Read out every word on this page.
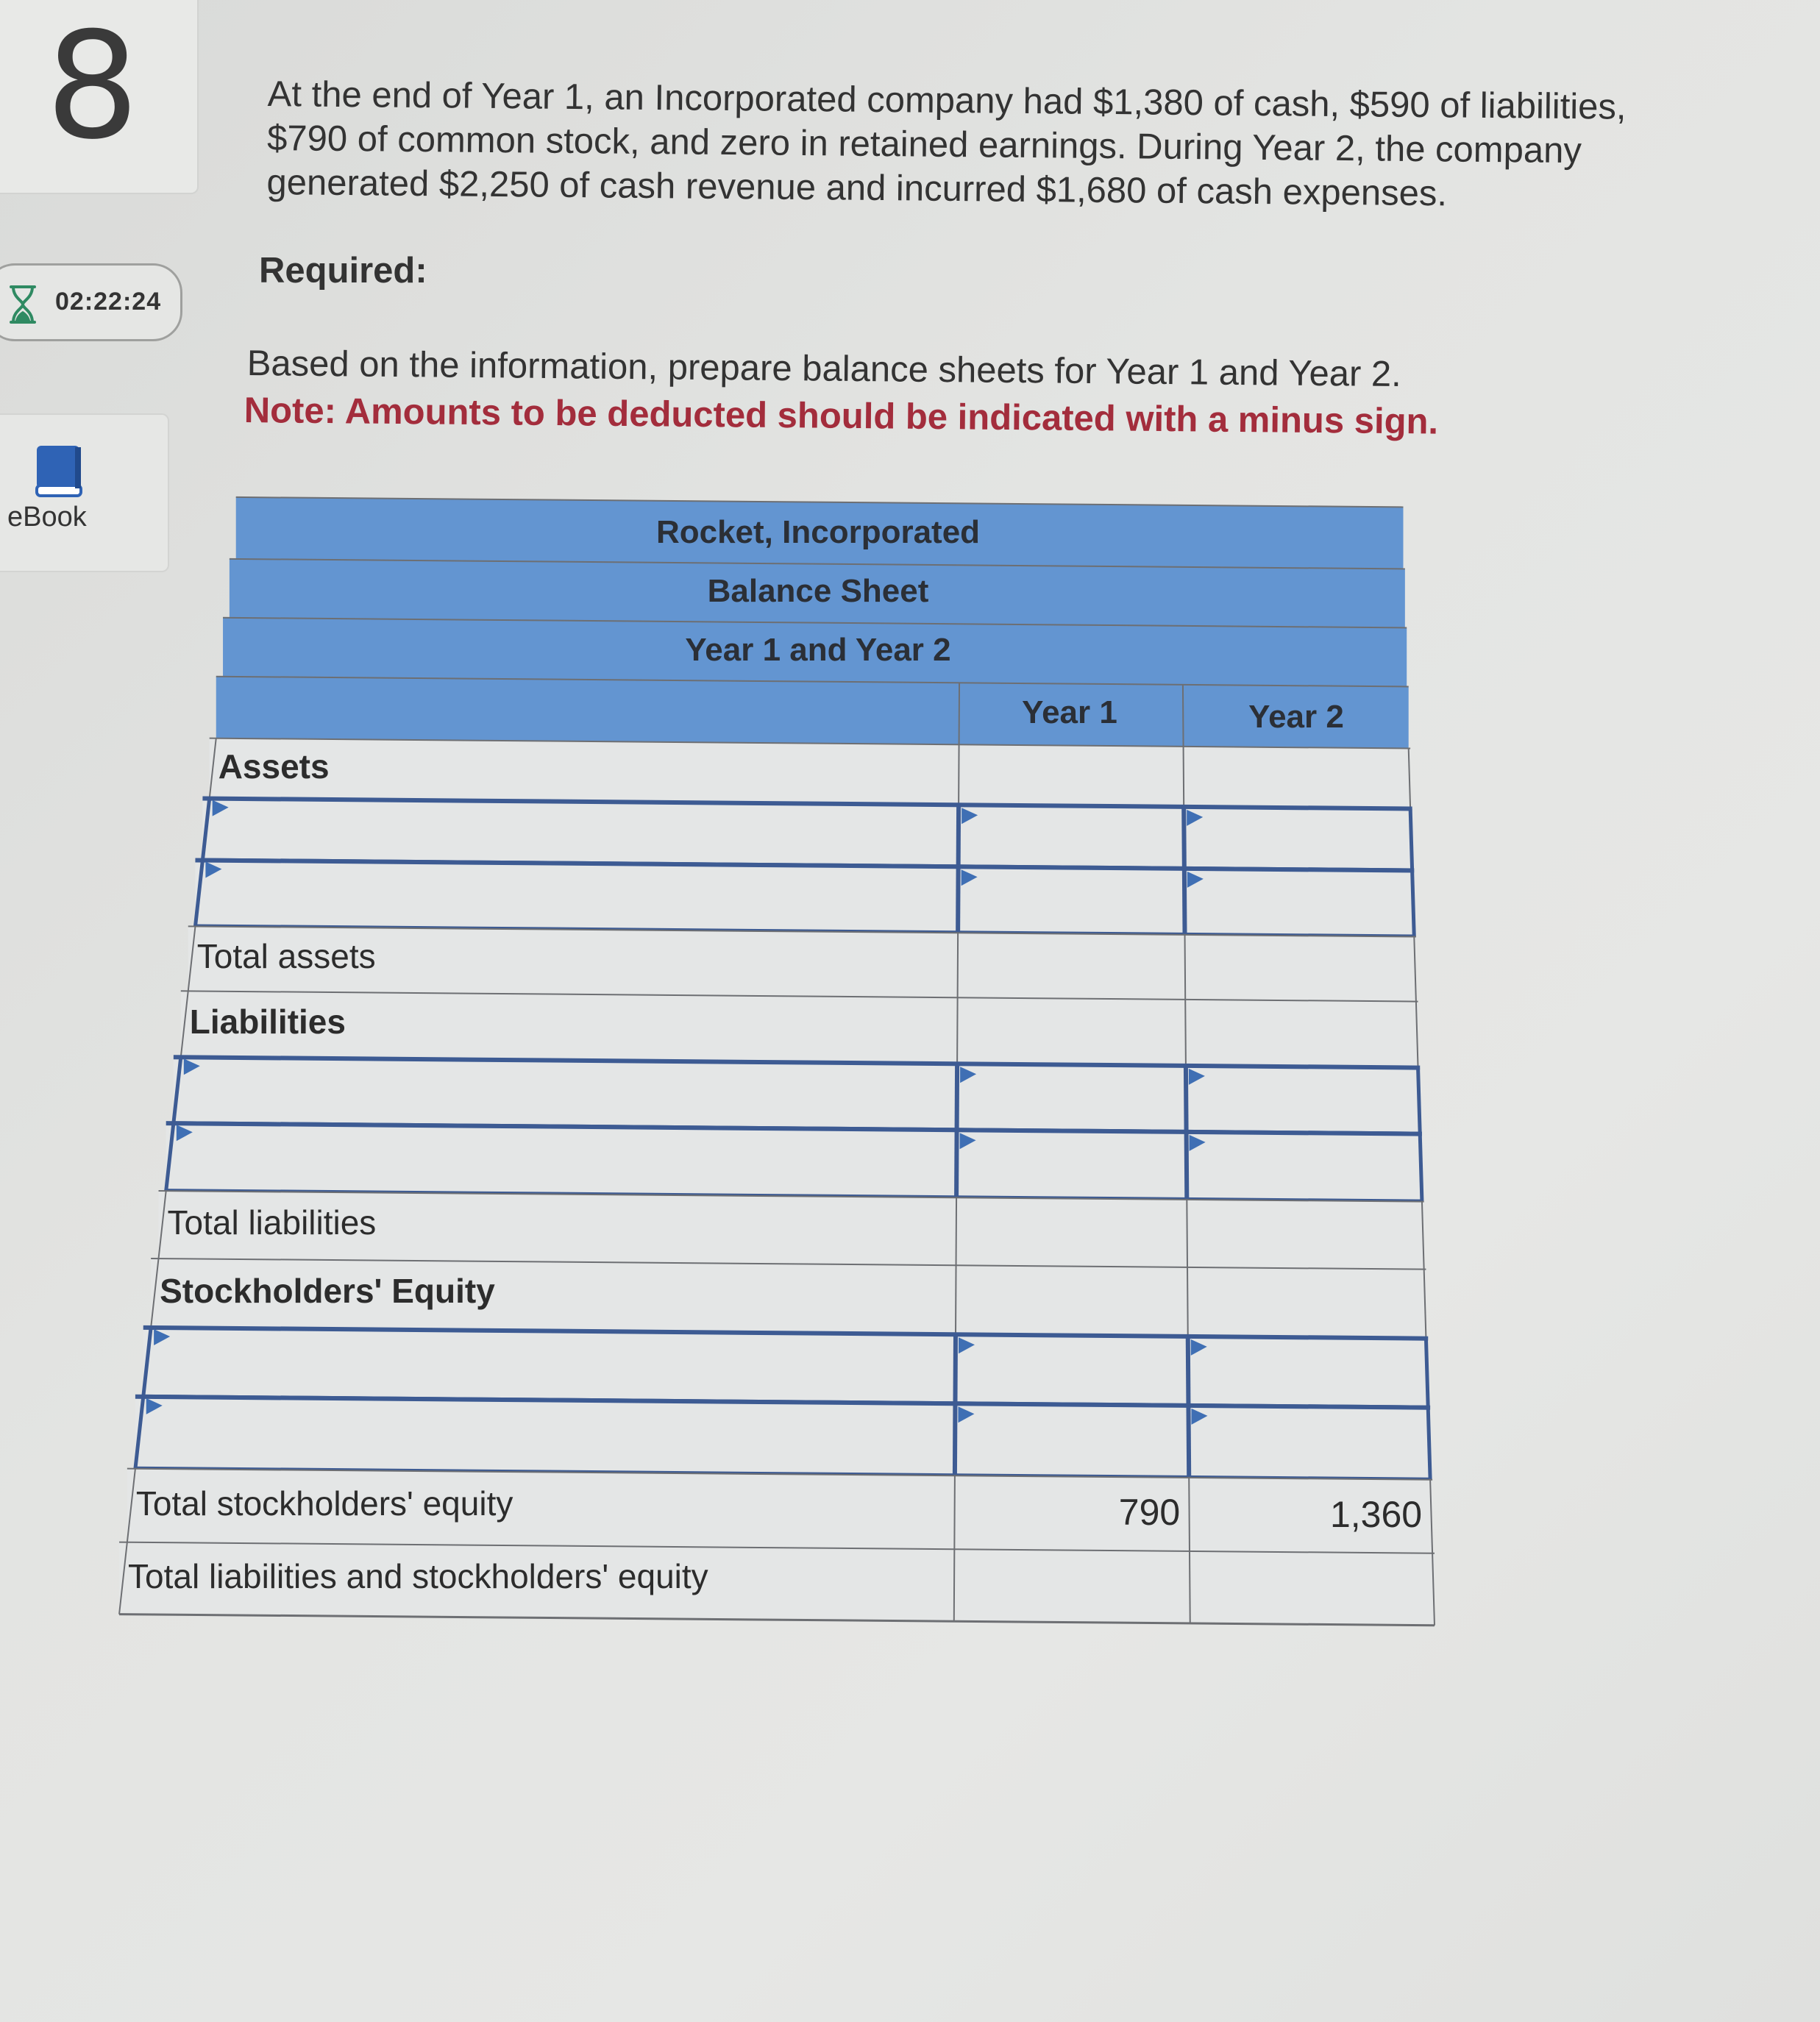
8
02:22:24
eBook
At the end of Year 1, an Incorporated company had $1,380 of cash, $590 of liabilities,
$790 of common stock, and zero in retained earnings. During Year 2, the company
generated $2,250 of cash revenue and incurred $1,680 of cash expenses.
Required:
Based on the information, prepare balance sheets for Year 1 and Year 2.
Note: Amounts to be deducted should be indicated with a minus sign.
Rocket, Incorporated
Balance Sheet
Year 1 and Year 2
Year 1	Year 2
Assets
Total assets
Liabilities
Total liabilities
Stockholders' Equity
Total stockholders' equity	790	1,360
Total liabilities and stockholders' equity
